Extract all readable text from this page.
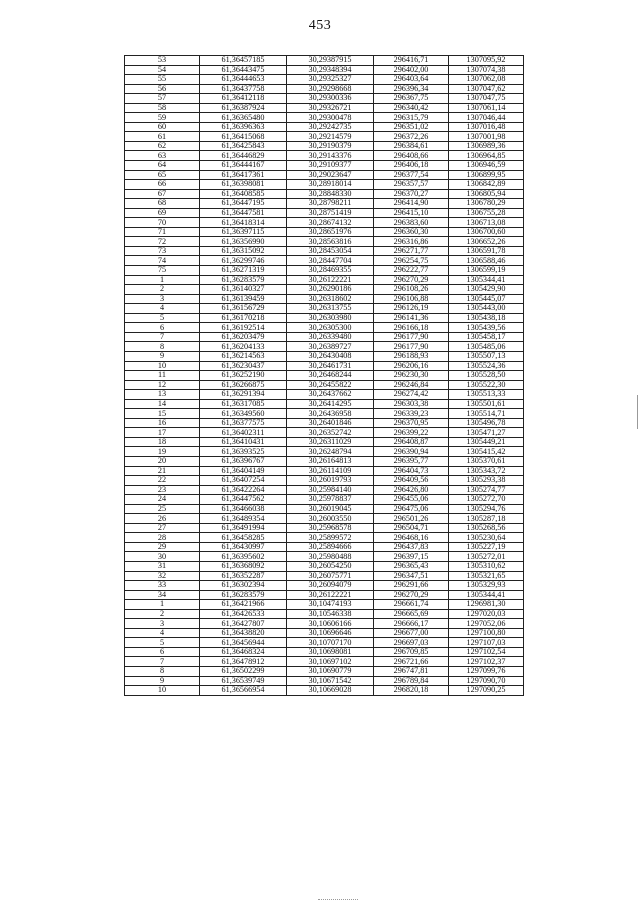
453
53	61,36457185	30,29387915	296416,71	1307095,92
54	61,36443475	30,29348394	296402,00	1307074,38
55	61,36444653	30,29325327	296403,64	1307062,08
56	61,36437758	30,29298668	296396,34	1307047,62
57	61,36412118	30,29300336	296367,75	1307047,75
58	61,36387924	30,29326721	296340,42	1307061,14
59	61,36365480	30,29300478	296315,79	1307046,44
60	61,36396363	30,29242735	296351,02	1307016,48
61	61,36415068	30,29214579	296372,26	1307001,98
62	61,36425843	30,29190379	296384,61	1306989,36
63	61,36446829	30,29143376	296408,66	1306964,85
64	61,36444167	30,29109377	296406,18	1306946,59
65	61,36417361	30,29023647	296377,54	1306899,95
66	61,36398081	30,28918014	296357,57	1306842,89
67	61,36408585	30,28848330	296370,27	1306805,94
68	61,36447195	30,28798211	296414,90	1306780,29
69	61,36447581	30,28751419	296415,10	1306755,28
70	61,36418314	30,28674132	296383,60	1306713,08
71	61,36397115	30,28651976	296360,30	1306700,60
72	61,36356990	30,28563816	296316,86	1306652,26
73	61,36315092	30,28453054	296271,77	1306591,78
74	61,36299746	30,28447704	296254,75	1306588,46
75	61,36271319	30,28469355	296222,77	1306599,19
1	61,36283579	30,26122221	296270,29	1305344,41
2	61,36140327	30,26290186	296108,26	1305429,90
3	61,36139459	30,26318602	296106,88	1305445,07
4	61,36156729	30,26313755	296126,19	1305443,00
5	61,36170218	30,26303980	296141,36	1305438,18
6	61,36192514	30,26305300	296166,18	1305439,56
7	61,36203479	30,26339480	296177,90	1305458,17
8	61,36204133	30,26389727	296177,90	1305485,06
9	61,36214563	30,26430408	296188,93	1305507,13
10	61,36230437	30,26461731	296206,16	1305524,36
11	61,36252190	30,26468244	296230,30	1305528,50
12	61,36266875	30,26455822	296246,84	1305522,30
13	61,36291394	30,26437662	296274,42	1305513,33
14	61,36317085	30,26414295	296303,38	1305501,61
15	61,36349560	30,26436958	296339,23	1305514,71
16	61,36377575	30,26401846	296370,95	1305496,78
17	61,36402311	30,26352742	296399,22	1305471,27
18	61,36410431	30,26311029	296408,87	1305449,21
19	61,36393525	30,26248794	296390,94	1305415,42
20	61,36396767	30,26164813	296395,77	1305370,61
21	61,36404149	30,26114109	296404,73	1305343,72
22	61,36407254	30,26019793	296409,56	1305293,38
23	61,36422264	30,25984140	296426,80	1305274,77
24	61,36447562	30,25978837	296455,06	1305272,70
25	61,36466038	30,26019045	296475,06	1305294,76
26	61,36489354	30,26003550	296501,26	1305287,18
27	61,36491994	30,25968578	296504,71	1305268,56
28	61,36458285	30,25899572	296468,16	1305230,64
29	61,36430997	30,25894666	296437,83	1305227,19
30	61,36395602	30,25980488	296397,15	1305272,01
31	61,36368092	30,26054250	296365,43	1305310,62
32	61,36352287	30,26075771	296347,51	1305321,65
33	61,36302394	30,26094079	296291,66	1305329,93
34	61,36283579	30,26122221	296270,29	1305344,41
1	61,36421966	30,10474193	296661,74	1296981,30
2	61,36426533	30,10546338	296665,69	1297020,03
3	61,36427807	30,10606166	296666,17	1297052,06
4	61,36438820	30,10696646	296677,00	1297100,80
5	61,36456944	30,10707170	296697,03	1297107,03
6	61,36468324	30,10698081	296709,85	1297102,54
7	61,36478912	30,10697102	296721,66	1297102,37
8	61,36502299	30,10690779	296747,81	1297099,76
9	61,36539749	30,10671542	296789,84	1297090,70
10	61,36566954	30,10669028	296820,18	1297090,25
